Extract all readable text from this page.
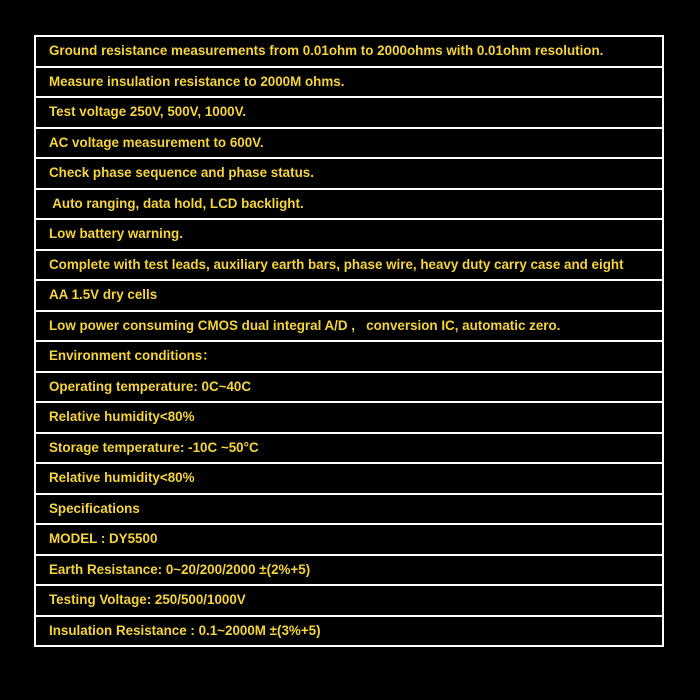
Ground resistance measurements from 0.01ohm to 2000ohms with 0.01ohm resolution.
Measure insulation resistance to 2000M ohms.
Test voltage 250V, 500V, 1000V.
AC voltage measurement to 600V.
Check phase sequence and phase status.
Auto ranging, data hold, LCD backlight.
Low battery warning.
Complete with test leads, auxiliary earth bars, phase wire, heavy duty carry case and eight
AA 1.5V dry cells
Low power consuming CMOS dual integral A/D ,   conversion IC, automatic zero.
Environment conditions：
Operating temperature: 0C~40C
Relative humidity<80%
Storage temperature: -10C ~50°C
Relative humidity<80%
Specifications
MODEL : DY5500
Earth Resistance: 0~20/200/2000 ±(2%+5)
Testing Voltage: 250/500/1000V
Insulation Resistance : 0.1~2000M ±(3%+5)
